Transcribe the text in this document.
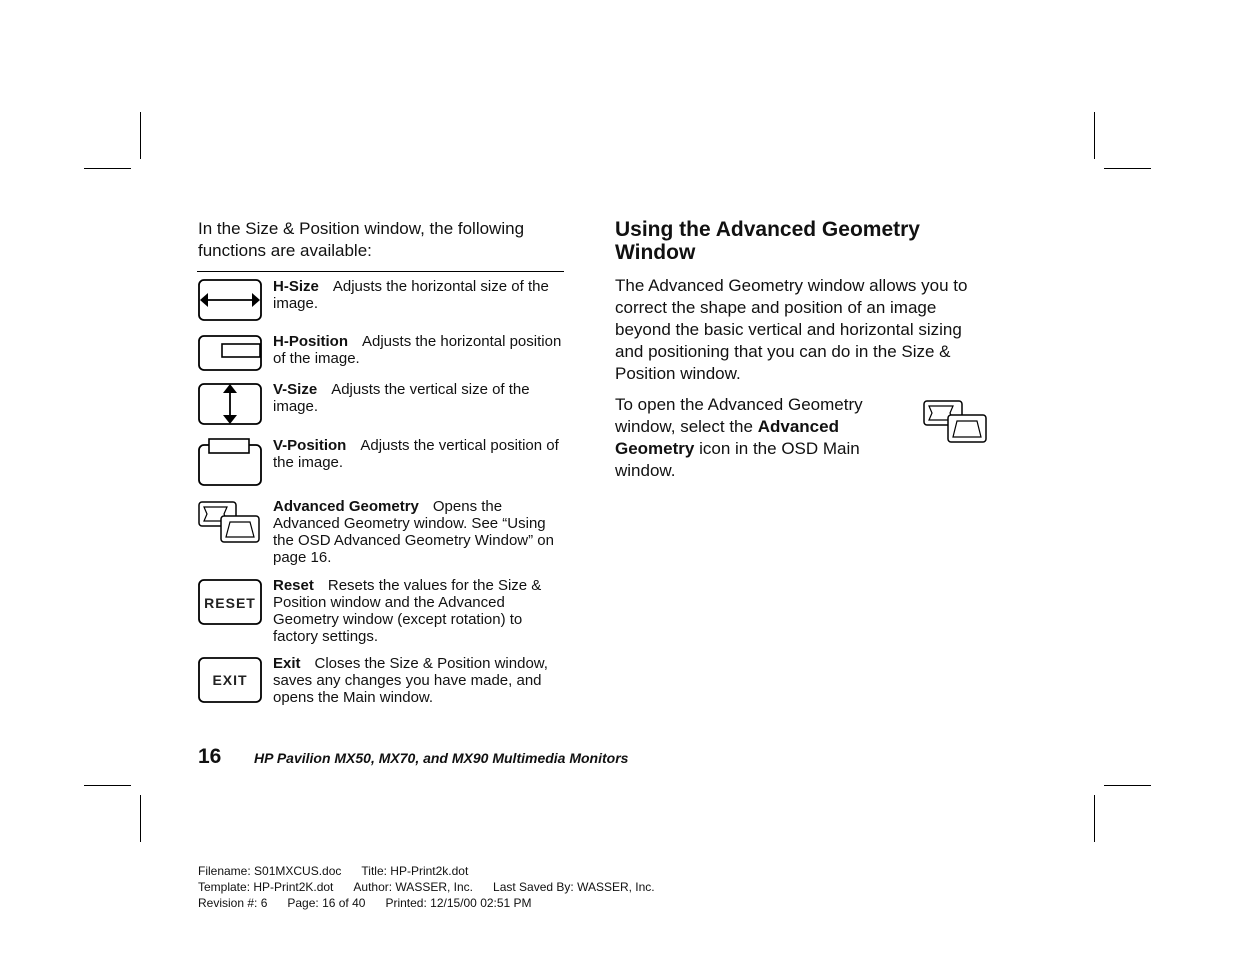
In the Size & Position window, the following functions are available:
H-Size Adjusts the horizontal size of the image.
H-Position Adjusts the horizontal position of the image.
V-Size Adjusts the vertical size of the image.
V-Position Adjusts the vertical position of the image.
Advanced Geometry Opens the Advanced Geometry window. See “Using the OSD Advanced Geometry Window” on page 16.
RESET
Reset Resets the values for the Size & Position window and the Advanced Geometry window (except rotation) to factory settings.
EXIT
Exit Closes the Size & Position window, saves any changes you have made, and opens the Main window.
Using the Advanced Geometry Window

The Advanced Geometry window allows you to correct the shape and position of an image beyond the basic vertical and horizontal sizing and positioning that you can do in the Size & Position window.

To open the Advanced Geometry window, select the Advanced Geometry icon in the OSD Main window.

16 HP Pavilion MX50, MX70, and MX90 Multimedia Monitors
Filename: S01MXCUS.doc Title: HP-Print2k.dot
Template: HP-Print2K.dot Author: WASSER, Inc. Last Saved By: WASSER, Inc.
Revision #: 6 Page: 16 of 40 Printed: 12/15/00 02:51 PM
